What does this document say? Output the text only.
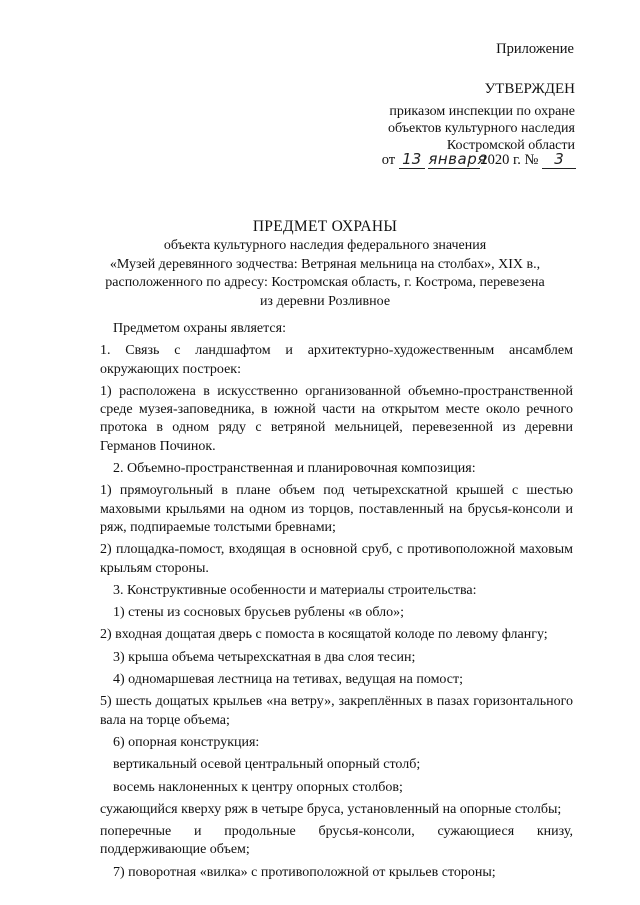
Приложение
УТВЕРЖДЕН
приказом инспекции по охране
объектов культурного наследия
Костромской области
от 13 января2020 г. № 3
ПРЕДМЕТ ОХРАНЫ
объекта культурного наследия федерального значения
«Музей деревянного зодчества: Ветряная мельница на столбах», XIX в.,
расположенного по адресу: Костромская область, г. Кострома, перевезена
из деревни Розливное

Предметом охраны является:

1. Связь с ландшафтом и архитектурно-художественным ансамблем окружающих построек:

1) расположена в искусственно организованной объемно-пространственной среде музея-заповедника, в южной части на открытом месте около речного протока в одном ряду с ветряной мельницей, перевезенной из деревни Германов Починок.

2. Объемно-пространственная и планировочная композиция:

1) прямоугольный в плане объем под четырехскатной крышей с шестью маховыми крыльями на одном из торцов, поставленный на брусья-консоли и ряж, подпираемые толстыми бревнами;

2) площадка-помост, входящая в основной сруб, с противоположной маховым крыльям стороны.

3. Конструктивные особенности и материалы строительства:

1) стены из сосновых брусьев рублены «в обло»;

2) входная дощатая дверь с помоста в косящатой колоде по левому флангу;

3) крыша объема четырехскатная в два слоя тесин;

4) одномаршевая лестница на тетивах, ведущая на помост;

5) шесть дощатых крыльев «на ветру», закреплённых в пазах горизонтального вала на торце объема;

6) опорная конструкция:

вертикальный осевой центральный опорный столб;

восемь наклоненных к центру опорных столбов;

сужающийся кверху ряж в четыре бруса, установленный на опорные столбы;

поперечные и продольные брусья-консоли, сужающиеся книзу, поддерживающие объем;

7) поворотная «вилка» с противоположной от крыльев стороны;
